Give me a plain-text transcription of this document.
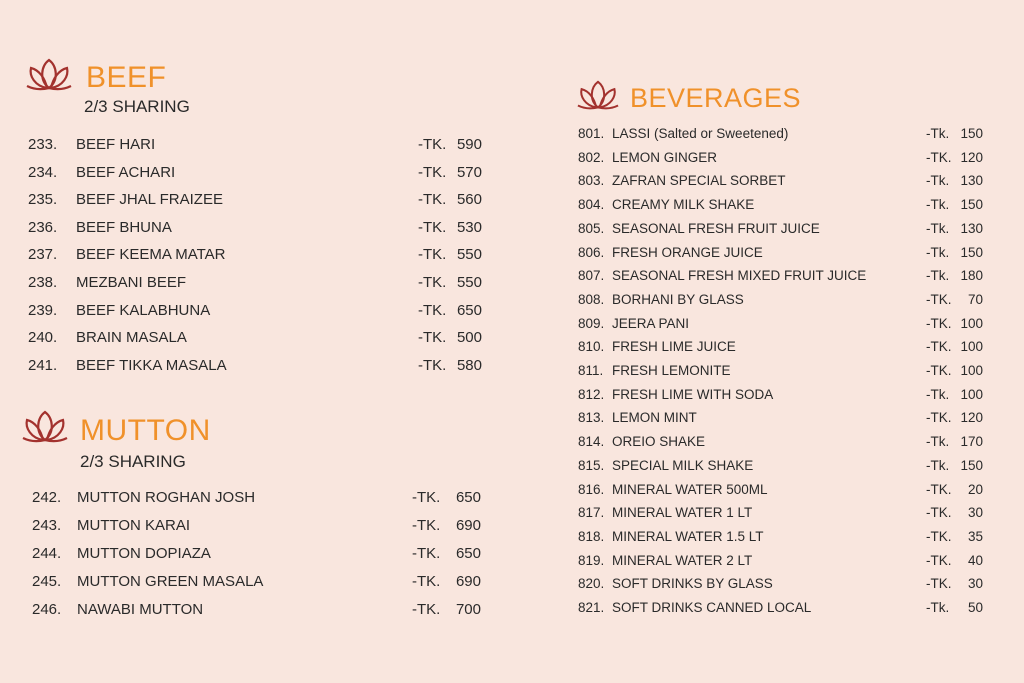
BEEF
2/3 SHARING
233. BEEF HARI	-TK. 590
234. BEEF ACHARI	-TK. 570
235. BEEF JHAL FRAIZEE	-TK. 560
236. BEEF BHUNA	-TK. 530
237. BEEF KEEMA MATAR	-TK. 550
238. MEZBANI BEEF	-TK. 550
239. BEEF KALABHUNA	-TK. 650
240. BRAIN MASALA	-TK. 500
241. BEEF TIKKA MASALA	-TK. 580
MUTTON
2/3 SHARING
242. MUTTON ROGHAN JOSH	-TK.	650
243. MUTTON KARAI	-TK.	690
244. MUTTON DOPIAZA	-TK.	650
245. MUTTON GREEN MASALA	-TK.	690
246. NAWABI MUTTON	-TK.	700
BEVERAGES
801. LASSI (Salted or Sweetened)	-Tk. 150
802. LEMON GINGER	-TK. 120
803. ZAFRAN SPECIAL SORBET	-Tk. 130
804. CREAMY MILK SHAKE	-Tk. 150
805. SEASONAL FRESH FRUIT JUICE	-Tk. 130
806. FRESH ORANGE JUICE	-Tk. 150
807. SEASONAL FRESH MIXED FRUIT JUICE	-Tk. 180
808. BORHANI BY GLASS	-TK.	70
809. JEERA PANI	-TK. 100
810. FRESH LIME JUICE	-TK. 100
811. FRESH LEMONITE	-TK. 100
812. FRESH LIME WITH SODA	-Tk. 100
813. LEMON MINT	-TK. 120
814. OREIO SHAKE	-Tk. 170
815. SPECIAL MILK SHAKE	-Tk. 150
816. MINERAL WATER 500ML	-TK.	20
817. MINERAL WATER 1 LT	-TK.	30
818. MINERAL WATER 1.5 LT	-TK.	35
819. MINERAL WATER 2 LT	-TK.	40
820. SOFT DRINKS BY GLASS	-TK.	30
821. SOFT DRINKS CANNED LOCAL	-Tk.	50
